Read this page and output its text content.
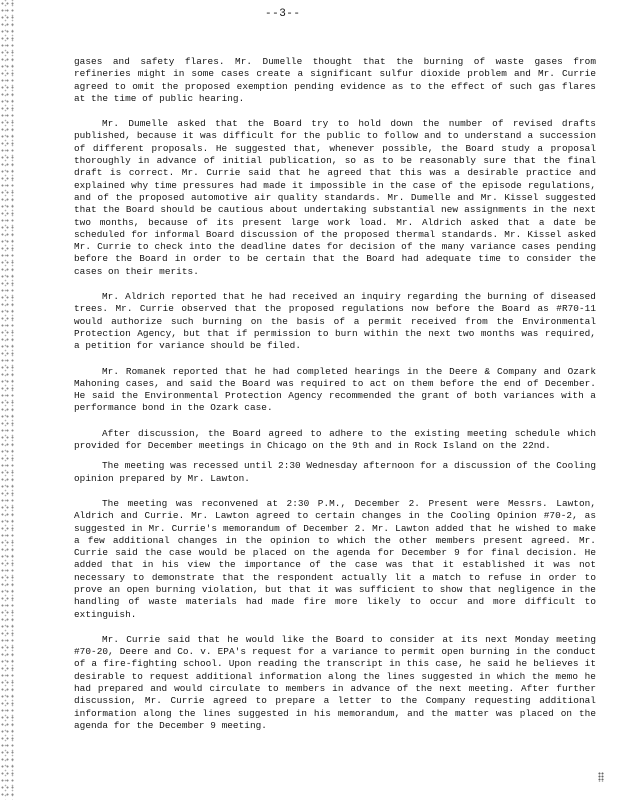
--3--

gases and safety flares. Mr. Dumelle thought that the burning of waste gases from refineries might in some cases create a significant sulfur dioxide problem and Mr. Currie agreed to omit the proposed exemption pending evidence as to the effect of such gas flares at the time of public hearing.

Mr. Dumelle asked that the Board try to hold down the number of revised drafts published, because it was difficult for the public to follow and to understand a succession of different proposals. He suggested that, whenever possible, the Board study a proposal thoroughly in advance of initial publication, so as to be reasonably sure that the final draft is correct. Mr. Currie said that he agreed that this was a desirable practice and explained why time pressures had made it impossible in the case of the episode regulations, and of the proposed automotive air quality standards. Mr. Dumelle and Mr. Kissel suggested that the Board should be cautious about undertaking substantial new assignments in the next two months, because of its present large work load. Mr. Aldrich asked that a date be scheduled for informal Board discussion of the proposed thermal standards. Mr. Kissel asked Mr. Currie to check into the deadline dates for decision of the many variance cases pending before the Board in order to be certain that the Board had adequate time to consider the cases on their merits.

Mr. Aldrich reported that he had received an inquiry regarding the burning of diseased trees. Mr. Currie observed that the proposed regulations now before the Board as #R70-11 would authorize such burning on the basis of a permit received from the Environmental Protection Agency, but that if permission to burn within the next two months was required, a petition for variance should be filed.

Mr. Romanek reported that he had completed hearings in the Deere & Company and Ozark Mahoning cases, and said the Board was required to act on them before the end of December. He said the Environmental Protection Agency recommended the grant of both variances with a performance bond in the Ozark case.

After discussion, the Board agreed to adhere to the existing meeting schedule which provided for December meetings in Chicago on the 9th and in Rock Island on the 22nd.

The meeting was recessed until 2:30 Wednesday afternoon for a discussion of the Cooling opinion prepared by Mr. Lawton.

The meeting was reconvened at 2:30 P.M., December 2. Present were Messrs. Lawton, Aldrich and Currie. Mr. Lawton agreed to certain changes in the Cooling Opinion #70-2, as suggested in Mr. Currie's memorandum of December 2. Mr. Lawton added that he wished to make a few additional changes in the opinion to which the other members present agreed. Mr. Currie said the case would be placed on the agenda for December 9 for final decision. He added that in his view the importance of the case was that it established it was not necessary to demonstrate that the respondent actually lit a match to refuse in order to prove an open burning violation, but that it was sufficient to show that negligence in the handling of waste materials had made fire more likely to occur and more difficult to extinguish.

Mr. Currie said that he would like the Board to consider at its next Monday meeting #70-20, Deere and Co. v. EPA's request for a variance to permit open burning in the conduct of a fire-fighting school. Upon reading the transcript in this case, he said he believes it desirable to request additional information along the lines suggested in which the memo he had prepared and would circulate to members in advance of the next meeting. After further discussion, Mr. Currie agreed to prepare a letter to the Company requesting additional information along the lines suggested in his memorandum, and the matter was placed on the agenda for the December 9 meeting.
